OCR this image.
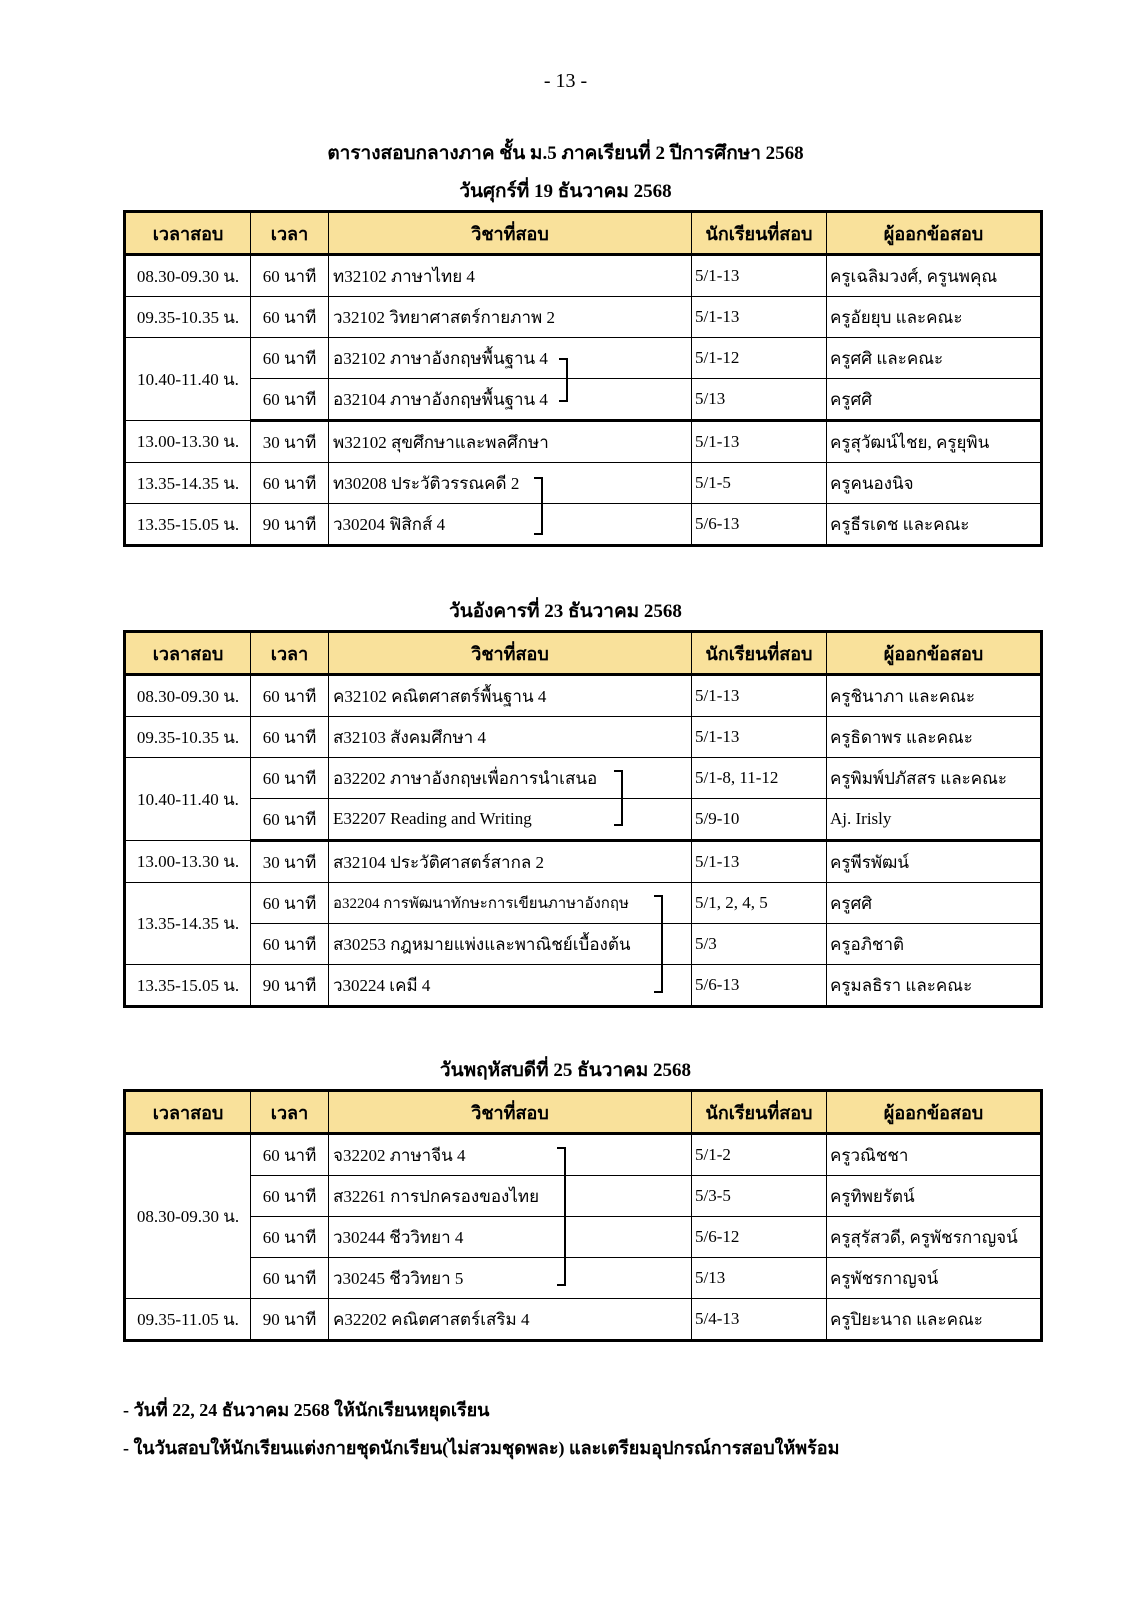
- 13 -
ตารางสอบกลางภาค ชั้น ม.5 ภาคเรียนที่ 2 ปีการศึกษา 2568
วันศุกร์ที่ 19 ธันวาคม 2568
เวลาสอบ	เวลา	วิชาที่สอบ	นักเรียนที่สอบ	ผู้ออกข้อสอบ
08.30-09.30 น.	60 นาที	ท32102 ภาษาไทย 4	5/1-13	ครูเฉลิมวงศ์, ครูนพคุณ
09.35-10.35 น.	60 นาที	ว32102 วิทยาศาสตร์กายภาพ 2	5/1-13	ครูอัยยุบ และคณะ
10.40-11.40 น.	60 นาที	อ32102 ภาษาอังกฤษพื้นฐาน 4	5/1-12	ครูศศิ และคณะ
	60 นาที	อ32104 ภาษาอังกฤษพื้นฐาน 4	5/13	ครูศศิ
13.00-13.30 น.	30 นาที	พ32102 สุขศึกษาและพลศึกษา	5/1-13	ครูสุวัฒน์ไชย, ครูยุพิน
13.35-14.35 น.	60 นาที	ท30208 ประวัติวรรณคดี 2	5/1-5	ครูคนองนิจ
13.35-15.05 น.	90 นาที	ว30204 ฟิสิกส์ 4	5/6-13	ครูธีรเดช และคณะ
วันอังคารที่ 23 ธันวาคม 2568
เวลาสอบ	เวลา	วิชาที่สอบ	นักเรียนที่สอบ	ผู้ออกข้อสอบ
08.30-09.30 น.	60 นาที	ค32102 คณิตศาสตร์พื้นฐาน 4	5/1-13	ครูชินาภา และคณะ
09.35-10.35 น.	60 นาที	ส32103 สังคมศึกษา 4	5/1-13	ครูธิดาพร และคณะ
10.40-11.40 น.	60 นาที	อ32202 ภาษาอังกฤษเพื่อการนำเสนอ	5/1-8, 11-12	ครูพิมพ์ปภัสสร และคณะ
	60 นาที	E32207 Reading and Writing	5/9-10	Aj. Irisly
13.00-13.30 น.	30 นาที	ส32104 ประวัติศาสตร์สากล 2	5/1-13	ครูพีรพัฒน์
13.35-14.35 น.	60 นาที	อ32204 การพัฒนาทักษะการเขียนภาษาอังกฤษ	5/1, 2, 4, 5	ครูศศิ
	60 นาที	ส30253 กฎหมายแพ่งและพาณิชย์เบื้องต้น	5/3	ครูอภิชาติ
13.35-15.05 น.	90 นาที	ว30224 เคมี 4	5/6-13	ครูมลธิรา และคณะ
วันพฤหัสบดีที่ 25 ธันวาคม 2568
เวลาสอบ	เวลา	วิชาที่สอบ	นักเรียนที่สอบ	ผู้ออกข้อสอบ
08.30-09.30 น.	60 นาที	จ32202 ภาษาจีน 4	5/1-2	ครูวณิชชา
	60 นาที	ส32261 การปกครองของไทย	5/3-5	ครูทิพยรัตน์
	60 นาที	ว30244 ชีววิทยา 4	5/6-12	ครูสุรัสวดี, ครูพัชรกาญจน์
	60 นาที	ว30245 ชีววิทยา 5	5/13	ครูพัชรกาญจน์
09.35-11.05 น.	90 นาที	ค32202 คณิตศาสตร์เสริม 4	5/4-13	ครูปิยะนาถ และคณะ
- วันที่ 22, 24 ธันวาคม 2568 ให้นักเรียนหยุดเรียน
- ในวันสอบให้นักเรียนแต่งกายชุดนักเรียน(ไม่สวมชุดพละ) และเตรียมอุปกรณ์การสอบให้พร้อม
